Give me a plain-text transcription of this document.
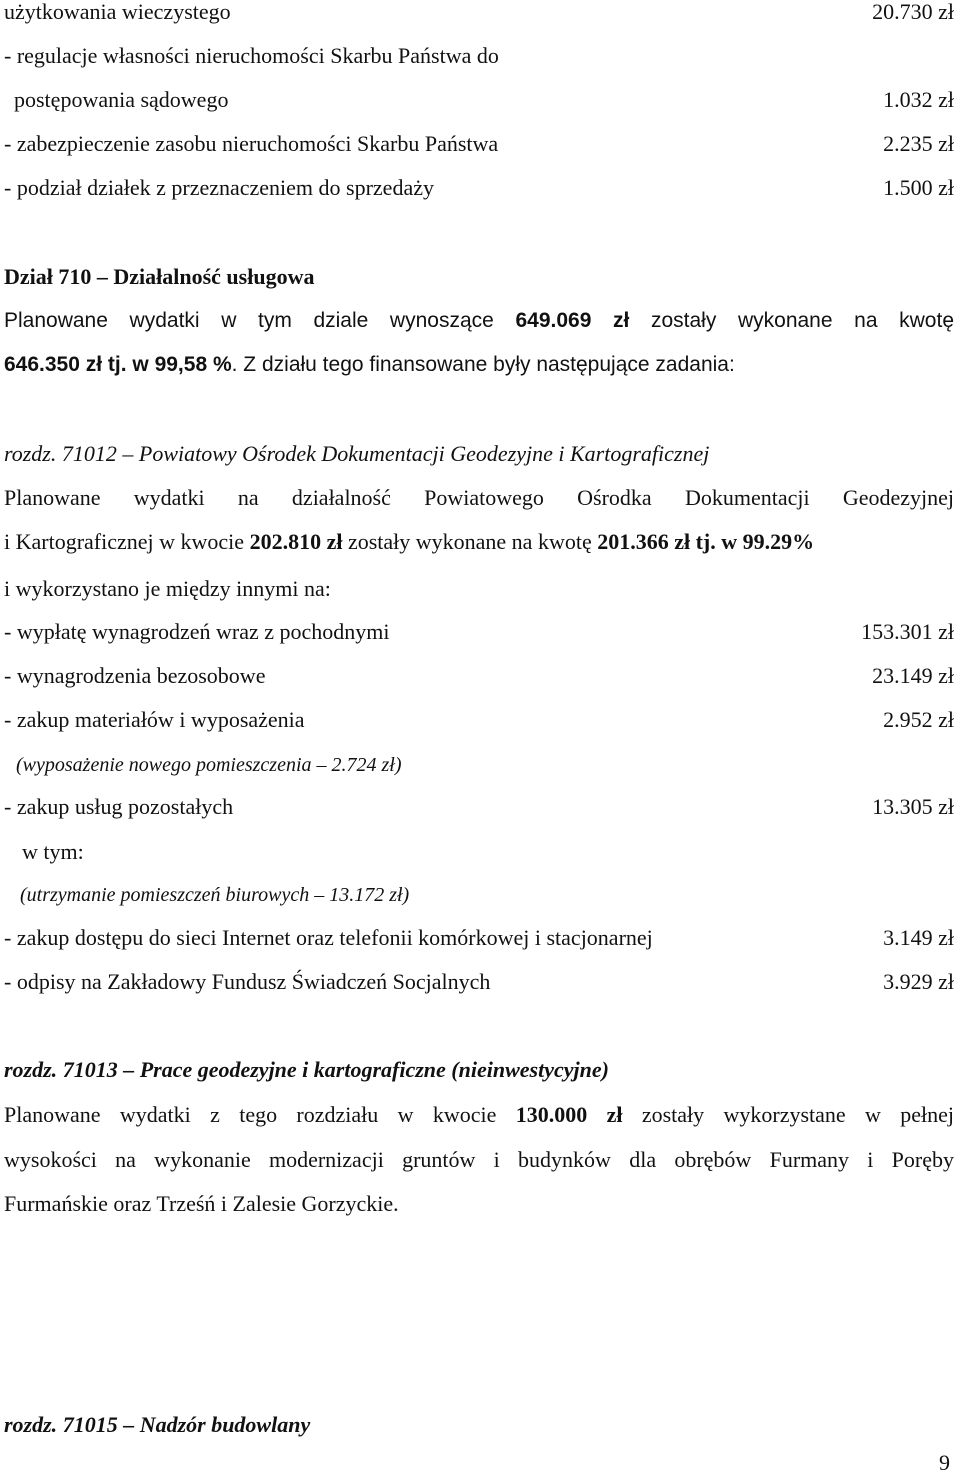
użytkowania wieczystego	20.730 zł
- regulacje własności nieruchomości Skarbu Państwa do
postępowania sądowego	1.032 zł
- zabezpieczenie zasobu nieruchomości Skarbu Państwa	2.235 zł
- podział działek z przeznaczeniem do sprzedaży	1.500 zł
Dział 710 – Działalność usługowa
Planowane wydatki w tym dziale wynoszące 649.069 zł zostały wykonane na kwotę
646.350 zł tj. w 99,58 %. Z działu tego finansowane były następujące zadania:
rozdz. 71012 – Powiatowy Ośrodek Dokumentacji Geodezyjne i Kartograficznej
Planowane wydatki na działalność Powiatowego Ośrodka Dokumentacji Geodezyjnej
i Kartograficznej w kwocie 202.810 zł zostały wykonane na kwotę 201.366 zł tj. w 99.29%
i wykorzystano je między innymi na:
- wypłatę wynagrodzeń wraz z pochodnymi	153.301 zł
- wynagrodzenia bezosobowe	23.149 zł
- zakup materiałów i wyposażenia	2.952 zł
(wyposażenie nowego pomieszczenia – 2.724 zł)
- zakup usług pozostałych	13.305 zł
w tym:
(utrzymanie pomieszczeń biurowych – 13.172 zł)
- zakup dostępu do sieci Internet oraz telefonii komórkowej i stacjonarnej	3.149 zł
- odpisy na Zakładowy Fundusz Świadczeń Socjalnych	3.929 zł
rozdz. 71013 – Prace geodezyjne i kartograficzne (nieinwestycyjne)
Planowane wydatki z tego rozdziału w kwocie 130.000 zł zostały wykorzystane w pełnej
wysokości na wykonanie modernizacji gruntów i budynków dla obrębów Furmany i Poręby
Furmańskie oraz Trześń i Zalesie Gorzyckie.
rozdz. 71015 – Nadzór budowlany
9
